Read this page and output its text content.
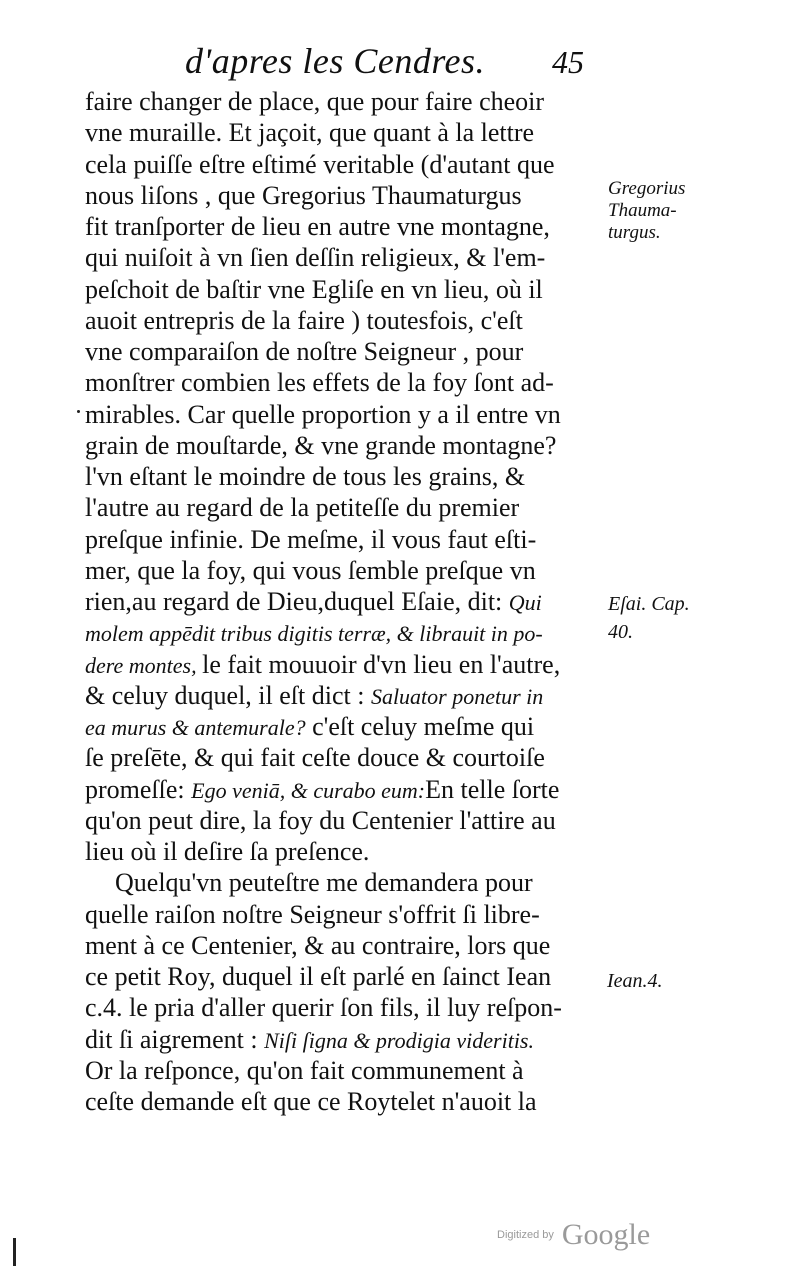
d'apres les Cendres. 45
faire changer de place, que pour faire cheoir
vne muraille. Et jaçoit, que quant à la lettre
cela puiſſe eſtre eſtimé veritable (d'autant que
nous liſons , que Gregorius Thaumaturgus
fit tranſporter de lieu en autre vne montagne,
qui nuiſoit à vn ſien deſſin religieux, & l'em-
peſchoit de baſtir vne Egliſe en vn lieu, où il
auoit entrepris de la faire ) toutesfois, c'eſt
vne comparaiſon de noſtre Seigneur , pour
monſtrer combien les effets de la foy ſont ad-
mirables. Car quelle proportion y a il entre vn
grain de mouſtarde, & vne grande montagne?
l'vn eſtant le moindre de tous les grains, &
l'autre au regard de la petiteſſe du premier
preſque infinie. De meſme, il vous faut eſti-
mer, que la foy, qui vous ſemble preſque vn
rien,au regard de Dieu,duquel Eſaie, dit: Qui
molem appēdit tribus digitis terræ, & librauit in po-
dere montes, le fait mouuoir d'vn lieu en l'autre,
& celuy duquel, il eſt dict : Saluator ponetur in
ea murus & antemurale? c'eſt celuy meſme qui
ſe preſēte, & qui fait ceſte douce & courtoiſe
promeſſe: Ego veniā, & curabo eum:En telle ſorte
qu'on peut dire, la foy du Centenier l'attire au
lieu où il deſire ſa preſence.
Quelqu'vn peuteſtre me demandera pour
quelle raiſon noſtre Seigneur s'offrit ſi libre-
ment à ce Centenier, & au contraire, lors que
ce petit Roy, duquel il eſt parlé en ſainct Iean
c.4. le pria d'aller querir ſon fils, il luy reſpon-
dit ſi aigrement : Niſi ſigna & prodigia videritis.
Or la reſponce, qu'on fait communement à
ceſte demande eſt que ce Roytelet n'auoit la
Gregorius
Thauma-
turgus.
Eſai. Cap.
40.
Iean.4.
Digitized by Google
